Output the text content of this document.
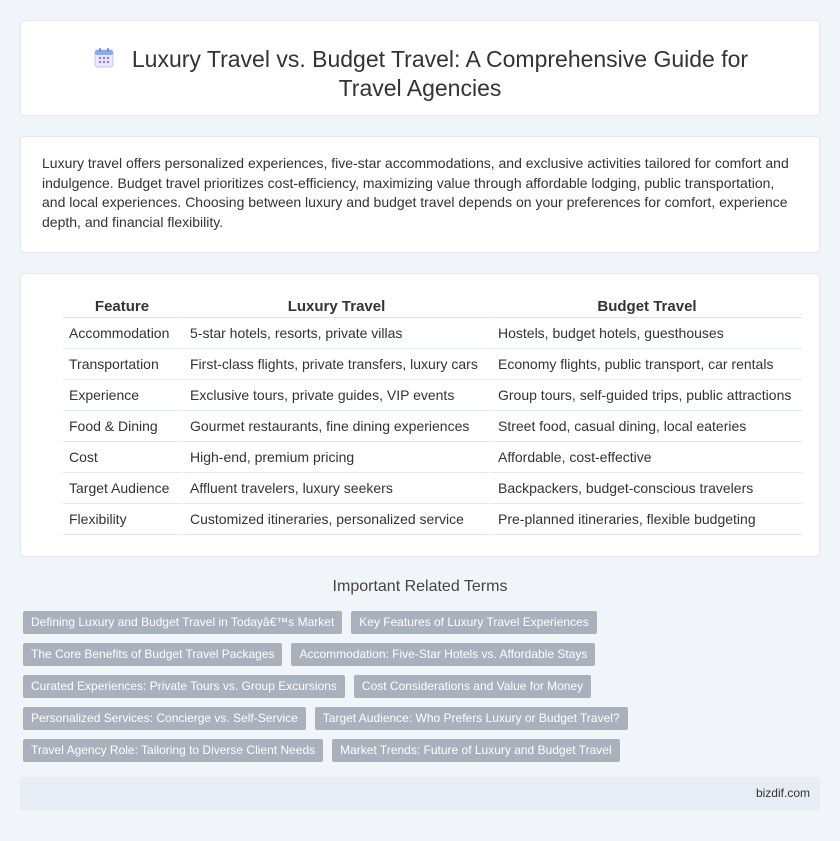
Luxury Travel vs. Budget Travel: A Comprehensive Guide for Travel Agencies

Luxury travel offers personalized experiences, five-star accommodations, and exclusive activities tailored for comfort and indulgence. Budget travel prioritizes cost-efficiency, maximizing value through affordable lodging, public transportation, and local experiences. Choosing between luxury and budget travel depends on your preferences for comfort, experience depth, and financial flexibility.

Feature	Luxury Travel	Budget Travel
Accommodation	5-star hotels, resorts, private villas	Hostels, budget hotels, guesthouses
Transportation	First-class flights, private transfers, luxury cars	Economy flights, public transport, car rentals
Experience	Exclusive tours, private guides, VIP events	Group tours, self-guided trips, public attractions
Food & Dining	Gourmet restaurants, fine dining experiences	Street food, casual dining, local eateries
Cost	High-end, premium pricing	Affordable, cost-effective
Target Audience	Affluent travelers, luxury seekers	Backpackers, budget-conscious travelers
Flexibility	Customized itineraries, personalized service	Pre-planned itineraries, flexible budgeting
Important Related Terms
Defining Luxury and Budget Travel in Todayâ€™s Market	Key Features of Luxury Travel Experiences
The Core Benefits of Budget Travel Packages	Accommodation: Five-Star Hotels vs. Affordable Stays
Curated Experiences: Private Tours vs. Group Excursions	Cost Considerations and Value for Money
Personalized Services: Concierge vs. Self-Service	Target Audience: Who Prefers Luxury or Budget Travel?
Travel Agency Role: Tailoring to Diverse Client Needs	Market Trends: Future of Luxury and Budget Travel
bizdif.com
